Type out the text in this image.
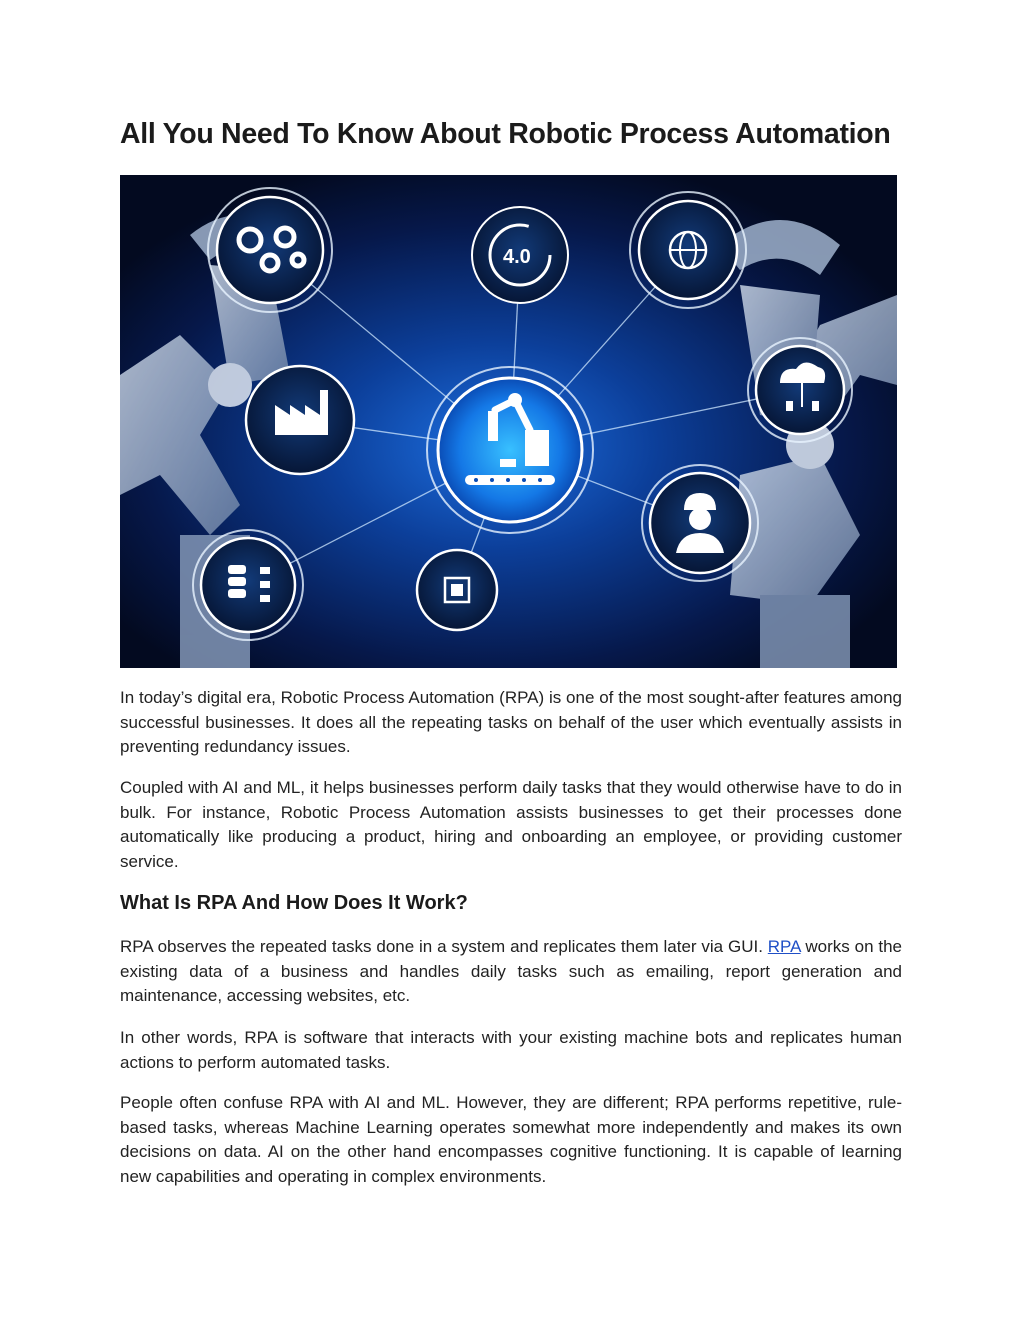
All You Need To Know About Robotic Process Automation
4.0

In today’s digital era, Robotic Process Automation (RPA) is one of the most sought-after features among successful businesses. It does all the repeating tasks on behalf of the user which eventually assists in preventing redundancy issues.

Coupled with AI and ML, it helps businesses perform daily tasks that they would otherwise have to do in bulk. For instance, Robotic Process Automation assists businesses to get their processes done automatically like producing a product, hiring and onboarding an employee, or providing customer service.

What Is RPA And How Does It Work?

RPA observes the repeated tasks done in a system and replicates them later via GUI. RPA works on the existing data of a business and handles daily tasks such as emailing, report generation and maintenance, accessing websites, etc.

In other words, RPA is software that interacts with your existing machine bots and replicates human actions to perform automated tasks.

People often confuse RPA with AI and ML. However, they are different; RPA performs repetitive, rule-based tasks, whereas Machine Learning operates somewhat more independently and makes its own decisions on data. AI on the other hand encompasses cognitive functioning. It is capable of learning new capabilities and operating in complex environments.
